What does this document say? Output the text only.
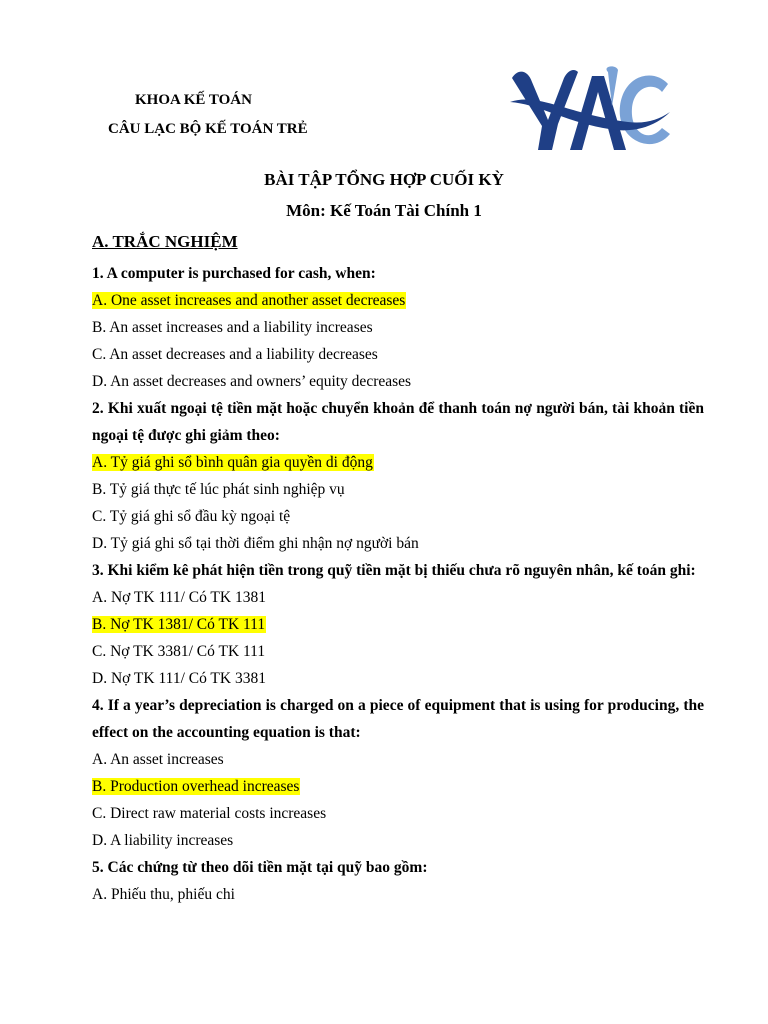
KHOA KẾ TOÁN
CÂU LẠC BỘ KẾ TOÁN TRẺ
BÀI TẬP TỔNG HỢP CUỐI KỲ
Môn: Kế Toán Tài Chính 1
A. TRẮC NGHIỆM
1. A computer is purchased for cash, when:
A. One asset increases and another asset decreases
B. An asset increases and a liability increases
C. An asset decreases and a liability decreases
D. An asset decreases and owners’ equity decreases
2. Khi xuất ngoại tệ tiền mặt hoặc chuyển khoản để thanh toán nợ người bán, tài khoản tiền ngoại tệ được ghi giảm theo:
A. Tỷ giá ghi sổ bình quân gia quyền di động
B. Tỷ giá thực tế lúc phát sinh nghiệp vụ
C. Tỷ giá ghi sổ đầu kỳ ngoại tệ
D. Tỷ giá ghi sổ tại thời điểm ghi nhận nợ người bán
3. Khi kiểm kê phát hiện tiền trong quỹ tiền mặt bị thiếu chưa rõ nguyên nhân, kế toán ghi:
A. Nợ TK 111/ Có TK 1381
B. Nợ TK 1381/ Có TK 111
C. Nợ TK 3381/ Có TK 111
D. Nợ TK 111/ Có TK 3381
4. If a year’s depreciation is charged on a piece of equipment that is using for producing, the effect on the accounting equation is that:
A. An asset increases
B. Production overhead increases
C. Direct raw material costs increases
D. A liability increases
5. Các chứng từ theo dõi tiền mặt tại quỹ bao gồm:
A. Phiếu thu, phiếu chi
